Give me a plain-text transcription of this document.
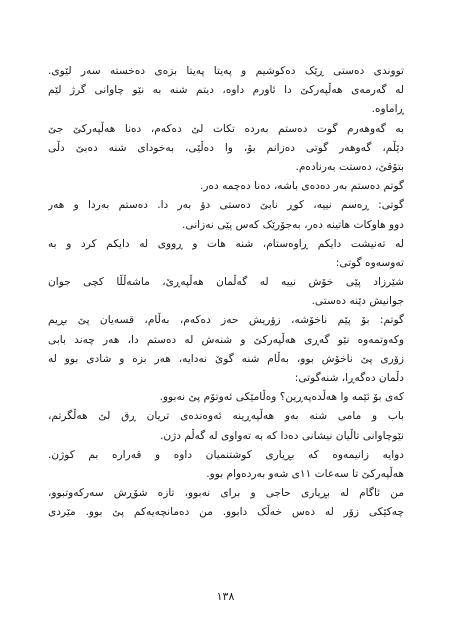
تووندی دەستی ڕێک دەکوشیم و پەیتا پەیتا بزەی دەخستە سەر لێوی.
لە گەرمەی هەڵپەرکێ دا ئاورم داوە، دیتم شنە بە نێو چاوانی گرژ لێم
ڕاماوە.
بە گەوهەرم گوت دەستم بەردە تکات لێ دەکەم، دەنا هەڵپەرکێ جێ
دێڵم، گەوهەر گوتی دەزانم بۆ، وا دەڵێی، بەخودای شنە دەبێ دڵی
بتۆقێ، دەستت بەرنادەم.
گوتم دەستم بەر دەدەی باشە، دەنا دەچمە دەر.
گوتی: ڕەسم نییە، کوڕ نابێ دەستی دۆ بەر دا. دەستم بەردا و هەر
دوو هاوکات هاتینە دەر، بەجۆرێک کەس پێی نەزانی.
لە تەنیشت دایکم ڕاوەستام، شنە هات و ڕووی لە دایکم کرد و بە
تەوسەوە گوتی:
شێرزاد پێی خۆش نییە لە گەڵمان هەڵپەڕێ، ماشەڵڵا کچی جوان
جوانیش دێنە دەستی.
گوتم: بۆ پێم ناخۆشە، زۆریش حەز دەکەم، بەڵام، قسەیان پێ بڕیم
وکەوتمەوە نێو گەڕی هەڵپەرکێ و شنەش لە دەستم دا، هەر چەند بابی
زۆری پێ ناخۆش بوو، بەڵام شنە گوێ نەدایە، هەر بزە و شادی بوو لە
دڵمان دەگەڕا، شنەگوتی:
کەی بۆ ئێمە وا هەڵدەپەڕین؟ وەڵامێکی ئەوتۆم پێ نەبوو.
باب و مامی شنە بەو هەڵپەڕینە ئەوەندەی تریان ڕق لێ هەڵگرتم،
نێوچاوانی تاڵیان نیشانی دەدا کە بە تەواوی لە گەڵم دژن.
دوایە زانیمەوە کە بڕیاری کوشتنمیان داوە و قەرارە بم کوژن.
هەڵپەرکێ تا سەعات ١١ی شەو بەردەوام بوو.
من ئاگام لە بڕیاری حاجی و برای نەبوو، تازە شۆڕش سەرکەوتبوو،
چەکێکی زۆر لە دەس خەڵک دابوو. من دەمانچەیەکم پێ بوو. مێردی
١٣٨
